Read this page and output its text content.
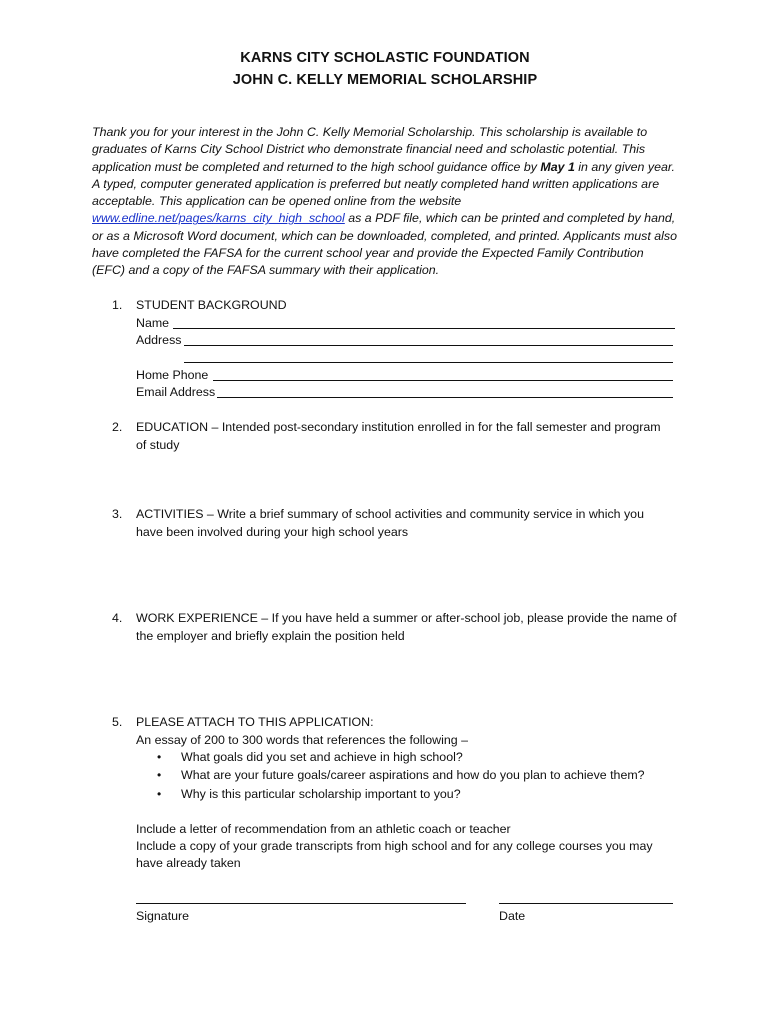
KARNS CITY SCHOLASTIC FOUNDATION
JOHN C. KELLY MEMORIAL SCHOLARSHIP
Thank you for your interest in the John C. Kelly Memorial Scholarship. This scholarship is available to graduates of Karns City School District who demonstrate financial need and scholastic potential. This application must be completed and returned to the high school guidance office by May 1 in any given year. A typed, computer generated application is preferred but neatly completed hand written applications are acceptable. This application can be opened online from the website www.edline.net/pages/karns_city_high_school as a PDF file, which can be printed and completed by hand, or as a Microsoft Word document, which can be downloaded, completed, and printed. Applicants must also have completed the FAFSA for the current school year and provide the Expected Family Contribution (EFC) and a copy of the FAFSA summary with their application.
1. STUDENT BACKGROUND
Name
Address
Home Phone
Email Address
2. EDUCATION – Intended post-secondary institution enrolled in for the fall semester and program
of study
3. ACTIVITIES – Write a brief summary of school activities and community service in which you
have been involved during your high school years
4. WORK EXPERIENCE – If you have held a summer or after-school job, please provide the name of
the employer and briefly explain the position held
5. PLEASE ATTACH TO THIS APPLICATION:
An essay of 200 to 300 words that references the following –
• What goals did you set and achieve in high school?
• What are your future goals/career aspirations and how do you plan to achieve them?
• Why is this particular scholarship important to you?
Include a letter of recommendation from an athletic coach or teacher
Include a copy of your grade transcripts from high school and for any college courses you may
have already taken
Signature	Date
